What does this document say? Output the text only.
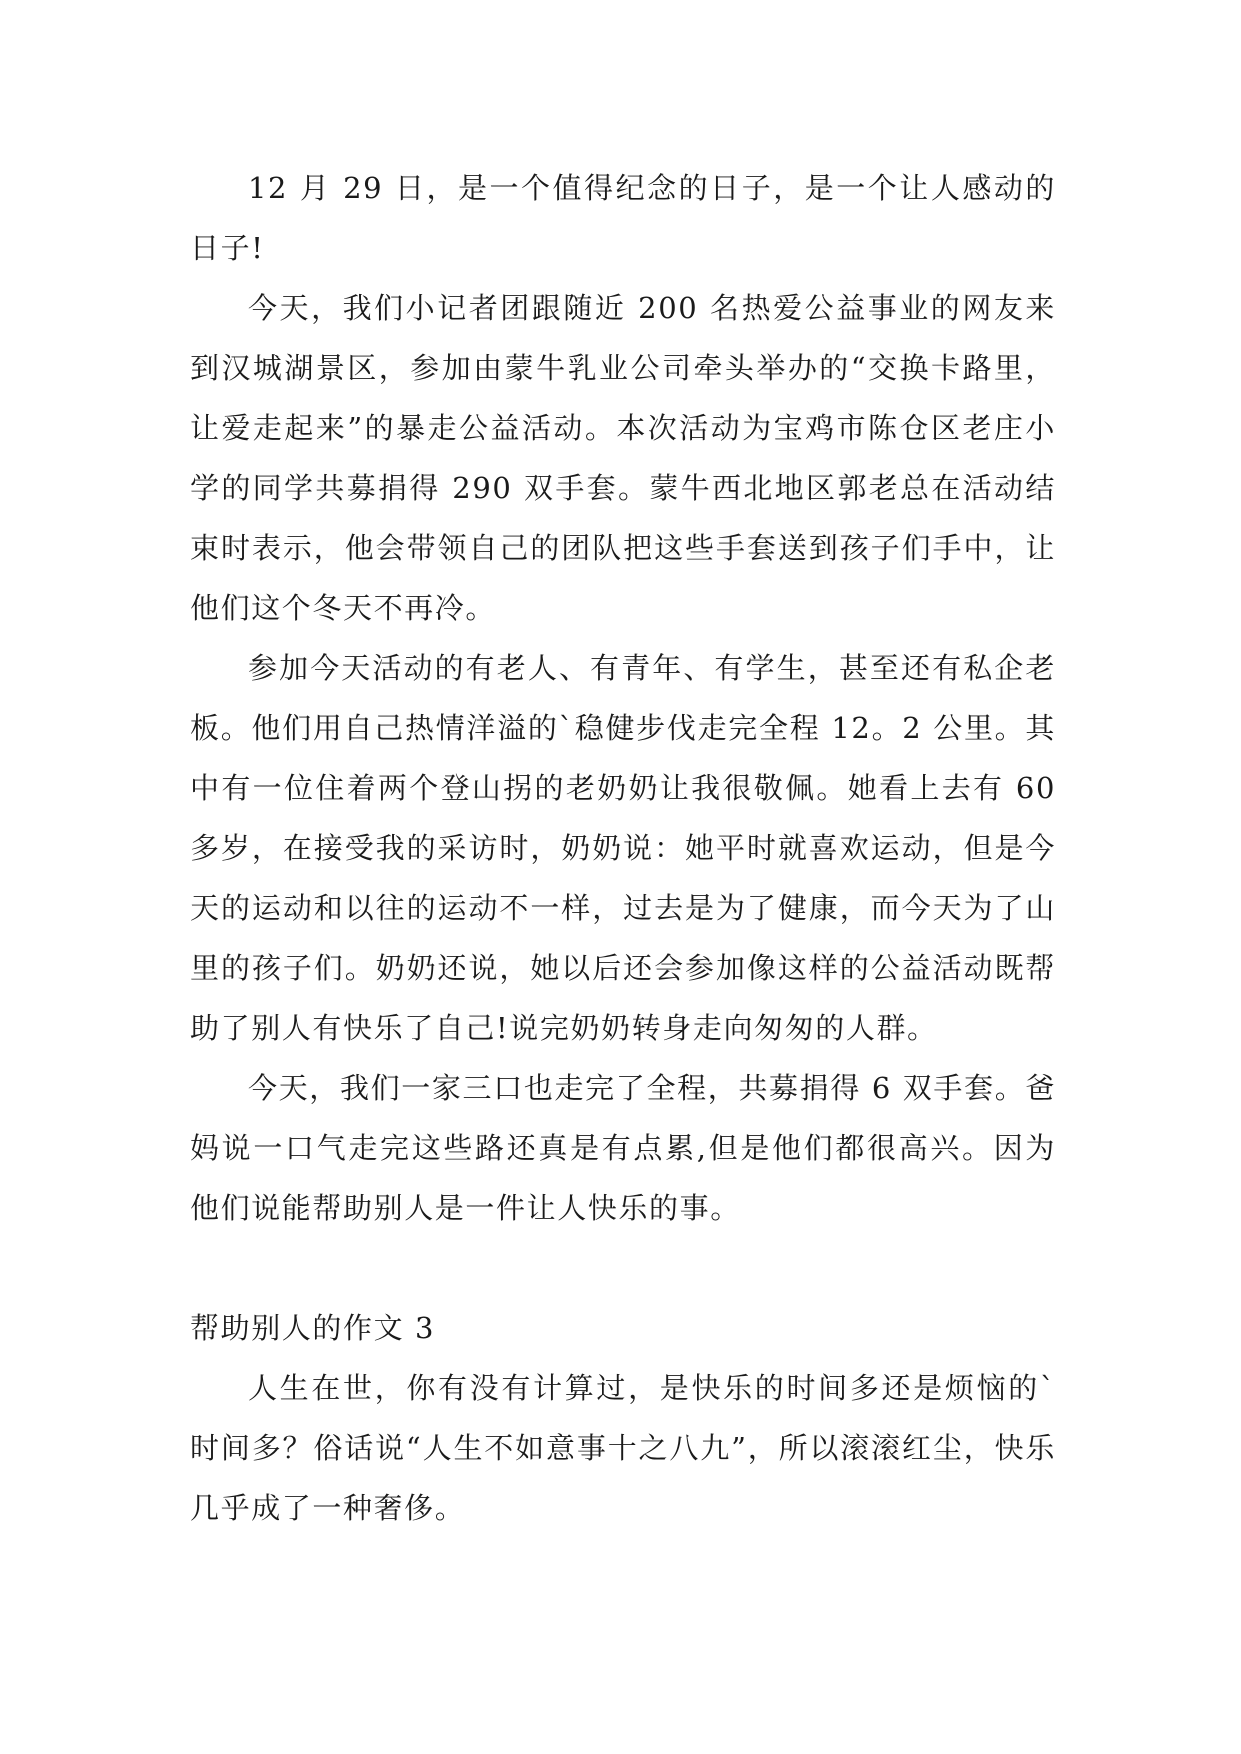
12 月 29 日，是一个值得纪念的日子，是一个让人感动的日子!

今天，我们小记者团跟随近 200 名热爱公益事业的网友来到汉城湖景区，参加由蒙牛乳业公司牵头举办的“交换卡路里，让爱走起来”的暴走公益活动。本次活动为宝鸡市陈仓区老庄小学的同学共募捐得 290 双手套。蒙牛西北地区郭老总在活动结束时表示，他会带领自己的团队把这些手套送到孩子们手中，让他们这个冬天不再冷。

参加今天活动的有老人、有青年、有学生，甚至还有私企老板。他们用自己热情洋溢的`稳健步伐走完全程 12。2 公里。其中有一位住着两个登山拐的老奶奶让我很敬佩。她看上去有 60 多岁，在接受我的采访时，奶奶说：她平时就喜欢运动，但是今天的运动和以往的运动不一样，过去是为了健康，而今天为了山里的孩子们。奶奶还说，她以后还会参加像这样的公益活动既帮助了别人有快乐了自己!说完奶奶转身走向匆匆的人群。

今天，我们一家三口也走完了全程，共募捐得 6 双手套。爸妈说一口气走完这些路还真是有点累,但是他们都很高兴。因为他们说能帮助别人是一件让人快乐的事。

帮助别人的作文 3

人生在世，你有没有计算过，是快乐的时间多还是烦恼的`时间多？俗话说“人生不如意事十之八九”，所以滚滚红尘，快乐几乎成了一种奢侈。
